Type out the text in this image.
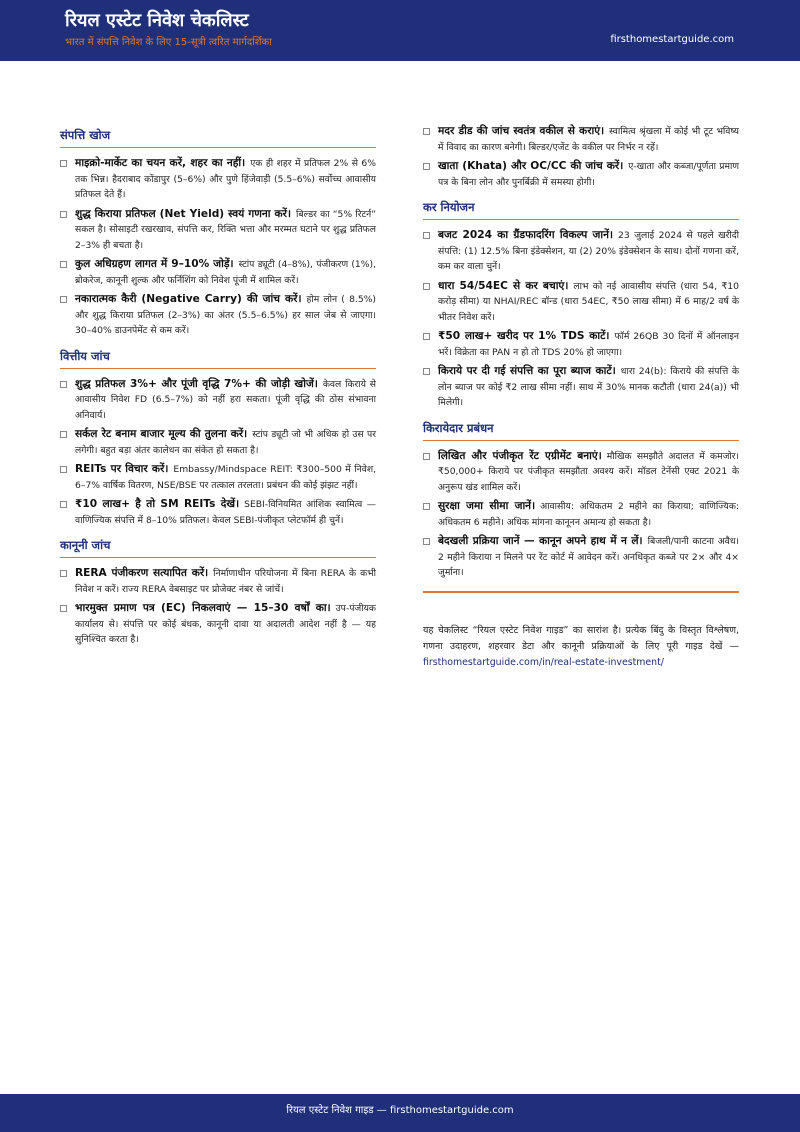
रियल एस्टेट निवेश चेकलिस्ट
भारत में संपत्ति निवेश के लिए 15-सूत्री त्वरित मार्गदर्शिका	firsthomestartguide.com
संपत्ति खोज
माइक्रो-मार्केट का चयन करें, शहर का नहीं। एक ही शहर में प्रतिफल 2% से 6% तक भिन्न। हैदराबाद कोंडापुर (5–6%) और पुणे हिंजेवाड़ी (5.5–6%) सर्वोच्च आवासीय प्रतिफल देते हैं।
शुद्ध किराया प्रतिफल (Net Yield) स्वयं गणना करें। बिल्डर का “5% रिटर्न” सकल है। सोसाइटी रखरखाव, संपत्ति कर, रिक्ति भत्ता और मरम्मत घटाने पर शुद्ध प्रतिफल 2–3% ही बचता है।
कुल अधिग्रहण लागत में 9–10% जोड़ें। स्टांप ड्यूटी (4–8%), पंजीकरण (1%), ब्रोकरेज, कानूनी शुल्क और फर्निशिंग को निवेश पूंजी में शामिल करें।
नकारात्मक कैरी (Negative Carry) की जांच करें। होम लोन ( 8.5%) और शुद्ध किराया प्रतिफल (2–3%) का अंतर (5.5–6.5%) हर साल जेब से जाएगा। 30–40% डाउनपेमेंट से कम करें।
वित्तीय जांच
शुद्ध प्रतिफल 3%+ और पूंजी वृद्धि 7%+ की जोड़ी खोजें। केवल किराये से आवासीय निवेश FD (6.5–7%) को नहीं हरा सकता। पूंजी वृद्धि की ठोस संभावना अनिवार्य।
सर्कल रेट बनाम बाजार मूल्य की तुलना करें। स्टांप ड्यूटी जो भी अधिक हो उस पर लगेगी। बहुत बड़ा अंतर कालेधन का संकेत हो सकता है।
REITs पर विचार करें। Embassy/Mindspace REIT: ₹300–500 में निवेश, 6–7% वार्षिक वितरण, NSE/BSE पर तत्काल तरलता। प्रबंधन की कोई झंझट नहीं।
₹10 लाख+ है तो SM REITs देखें। SEBI-विनियमित आंशिक स्वामित्व — वाणिज्यिक संपत्ति में 8–10% प्रतिफल। केवल SEBI-पंजीकृत प्लेटफॉर्म ही चुनें।
कानूनी जांच
RERA पंजीकरण सत्यापित करें। निर्माणाधीन परियोजना में बिना RERA के कभी निवेश न करें। राज्य RERA वेबसाइट पर प्रोजेक्ट नंबर से जांचें।
भारमुक्त प्रमाण पत्र (EC) निकलवाएं — 15–30 वर्षों का। उप-पंजीयक कार्यालय से। संपत्ति पर कोई बंधक, कानूनी दावा या अदालती आदेश नहीं है — यह सुनिश्चित करता है।
मदर डीड की जांच स्वतंत्र वकील से कराएं। स्वामित्व श्रृंखला में कोई भी टूट भविष्य में विवाद का कारण बनेगी। बिल्डर/एजेंट के वकील पर निर्भर न रहें।
खाता (Khata) और OC/CC की जांच करें। ए-खाता और कब्जा/पूर्णता प्रमाण पत्र के बिना लोन और पुनर्बिक्री में समस्या होगी।
कर नियोजन
बजट 2024 का ग्रैंडफादरिंग विकल्प जानें। 23 जुलाई 2024 से पहले खरीदी संपत्ति: (1) 12.5% बिना इंडेक्सेशन, या (2) 20% इंडेक्सेशन के साथ। दोनों गणना करें, कम कर वाला चुनें।
धारा 54/54EC से कर बचाएं। लाभ को नई आवासीय संपत्ति (धारा 54, ₹10 करोड़ सीमा) या NHAI/REC बॉन्ड (धारा 54EC, ₹50 लाख सीमा) में 6 माह/2 वर्ष के भीतर निवेश करें।
₹50 लाख+ खरीद पर 1% TDS काटें। फॉर्म 26QB 30 दिनों में ऑनलाइन भरें। विक्रेता का PAN न हो तो TDS 20% हो जाएगा।
किराये पर दी गई संपत्ति का पूरा ब्याज काटें। धारा 24(b): किराये की संपत्ति के लोन ब्याज पर कोई ₹2 लाख सीमा नहीं। साथ में 30% मानक कटौती (धारा 24(a)) भी मिलेगी।
किरायेदार प्रबंधन
लिखित और पंजीकृत रेंट एग्रीमेंट बनाएं। मौखिक समझौते अदालत में कमजोर। ₹50,000+ किराये पर पंजीकृत समझौता अवश्य करें। मॉडल टेनेंसी एक्ट 2021 के अनुरूप खंड शामिल करें।
सुरक्षा जमा सीमा जानें। आवासीय: अधिकतम 2 महीने का किराया; वाणिज्यिक: अधिकतम 6 महीने। अधिक मांगना कानूनन अमान्य हो सकता है।
बेदखली प्रक्रिया जानें — कानून अपने हाथ में न लें। बिजली/पानी काटना अवैध। 2 महीने किराया न मिलने पर रेंट कोर्ट में आवेदन करें। अनधिकृत कब्जे पर 2× और 4× जुर्माना।
यह चेकलिस्ट “रियल एस्टेट निवेश गाइड” का सारांश है। प्रत्येक बिंदु के विस्तृत विश्लेषण, गणना उदाहरण, शहरवार डेटा और कानूनी प्रक्रियाओं के लिए पूरी गाइड देखें — firsthomestartguide.com/in/real-estate-investment/
रियल एस्टेट निवेश गाइड — firsthomestartguide.com
